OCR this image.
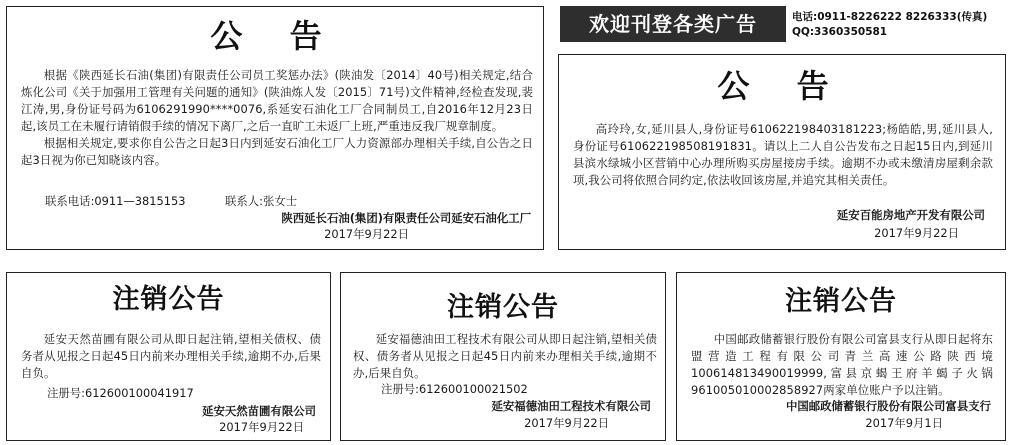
公 告

根据《陕西延长石油(集团)有限责任公司员工奖惩办法》(陕油发〔2014〕40号)相关规定,结合炼化公司《关于加强用工管理有关问题的通知》(陕油炼人发〔2015〕71号)文件精神,经检查发现,裴江涛,男,身份证号码为6106291990****0076,系延安石油化工厂合同制员工,自2016年12月23日起,该员工在未履行请销假手续的情况下离厂,之后一直旷工未返厂上班,严重违反我厂规章制度。

根据相关规定,要求你自公告之日起3日内到延安石油化工厂人力资源部办理相关手续,自公告之日起3日视为你已知晓该内容。

联系电话:0911—3815153	联系人:张女士
陕西延长石油(集团)有限责任公司延安石油化工厂
2017年9月22日
欢迎刊登各类广告	电话:0911-8226222 8226333(传真)
QQ:3360350581
公 告

高玲玲,女,延川县人,身份证号610622198403181223;杨皓皓,男,延川县人,身份证号610622198508191831。请以上二人自公告发布之日起15日内,到延川县滨水绿城小区营销中心办理所购买房屋接房手续。逾期不办或未缴清房屋剩余款项,我公司将依照合同约定,依法收回该房屋,并追究其相关责任。

延安百能房地产开发有限公司
2017年9月22日
注销公告

延安天然苗圃有限公司从即日起注销,望相关债权、债务者从见报之日起45日内前来办理相关手续,逾期不办,后果自负。

注册号:612600100041917
延安天然苗圃有限公司
2017年9月22日
注销公告

延安福德油田工程技术有限公司从即日起注销,望相关债权、债务者从见报之日起45日内前来办理相关手续,逾期不办,后果自负。

注册号:612600100021502
延安福德油田工程技术有限公司
2017年9月22日
注销公告

中国邮政储蓄银行股份有限公司富县支行从即日起将东盟营造工程有限公司青兰高速公路陕西境100614813490019999,富县京蝎王府羊蝎子火锅961005010002858927两家单位账户予以注销。

中国邮政储蓄银行股份有限公司富县支行
2017年9月1日
